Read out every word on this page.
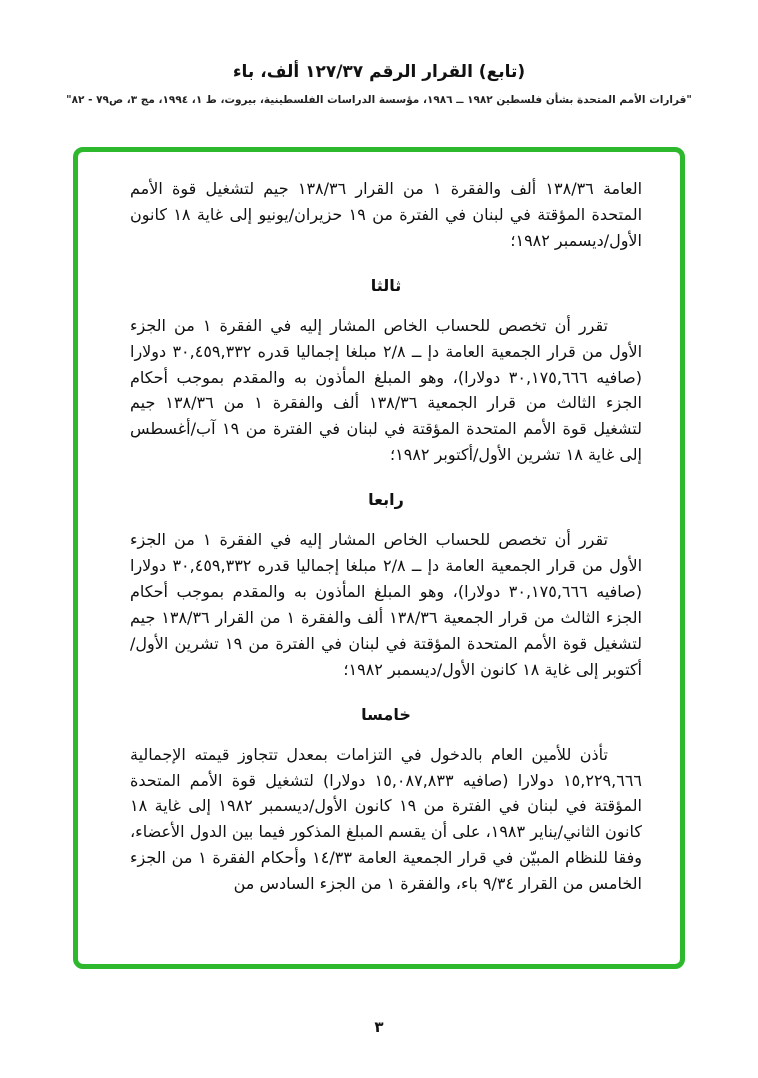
(تابع) القرار الرقم ١٢٧/٣٧ ألف، باء
"قرارات الأمم المتحدة بشأن فلسطين ١٩٨٢ ــ ١٩٨٦، مؤسسة الدراسات الفلسطينية، بيروت، ط ١، ١٩٩٤، مج ٣، ص٧٩ - ٨٢"

العامة ١٣٨/٣٦ ألف والفقرة ١ من القرار ١٣٨/٣٦ جيم لتشغيل قوة الأمم المتحدة المؤقتة في لبنان في الفترة من ١٩ حزيران/يونيو إلى غاية ١٨ كانون الأول/ديسمبر ١٩٨٢؛

ثالثا

تقرر أن تخصص للحساب الخاص المشار إليه في الفقرة ١ من الجزء الأول من قرار الجمعية العامة دإ ــ ٢/٨ مبلغا إجماليا قدره ٣٠,٤٥٩,٣٣٢ دولارا (صافيه ٣٠,١٧٥,٦٦٦ دولارا)، وهو المبلغ المأذون به والمقدم بموجب أحكام الجزء الثالث من قرار الجمعية ١٣٨/٣٦ ألف والفقرة ١ من ١٣٨/٣٦ جيم لتشغيل قوة الأمم المتحدة المؤقتة في لبنان في الفترة من ١٩ آب/أغسطس إلى غاية ١٨ تشرين الأول/أكتوبر ١٩٨٢؛

رابعا

تقرر أن تخصص للحساب الخاص المشار إليه في الفقرة ١ من الجزء الأول من قرار الجمعية العامة دإ ــ ٢/٨ مبلغا إجماليا قدره ٣٠,٤٥٩,٣٣٢ دولارا (صافيه ٣٠,١٧٥,٦٦٦ دولارا)، وهو المبلغ المأذون به والمقدم بموجب أحكام الجزء الثالث من قرار الجمعية ١٣٨/٣٦ ألف والفقرة ١ من القرار ١٣٨/٣٦ جيم لتشغيل قوة الأمم المتحدة المؤقتة في لبنان في الفترة من ١٩ تشرين الأول/أكتوبر إلى غاية ١٨ كانون الأول/ديسمبر ١٩٨٢؛

خامسا

تأذن للأمين العام بالدخول في التزامات بمعدل تتجاوز قيمته الإجمالية ١٥,٢٢٩,٦٦٦ دولارا (صافيه ١٥,٠٨٧,٨٣٣ دولارا) لتشغيل قوة الأمم المتحدة المؤقتة في لبنان في الفترة من ١٩ كانون الأول/ديسمبر ١٩٨٢ إلى غاية ١٨ كانون الثاني/يناير ١٩٨٣، على أن يقسم المبلغ المذكور فيما بين الدول الأعضاء، وفقا للنظام المبيّن في قرار الجمعية العامة ١٤/٣٣ وأحكام الفقرة ١ من الجزء الخامس من القرار ٩/٣٤ باء، والفقرة ١ من الجزء السادس من

٣
